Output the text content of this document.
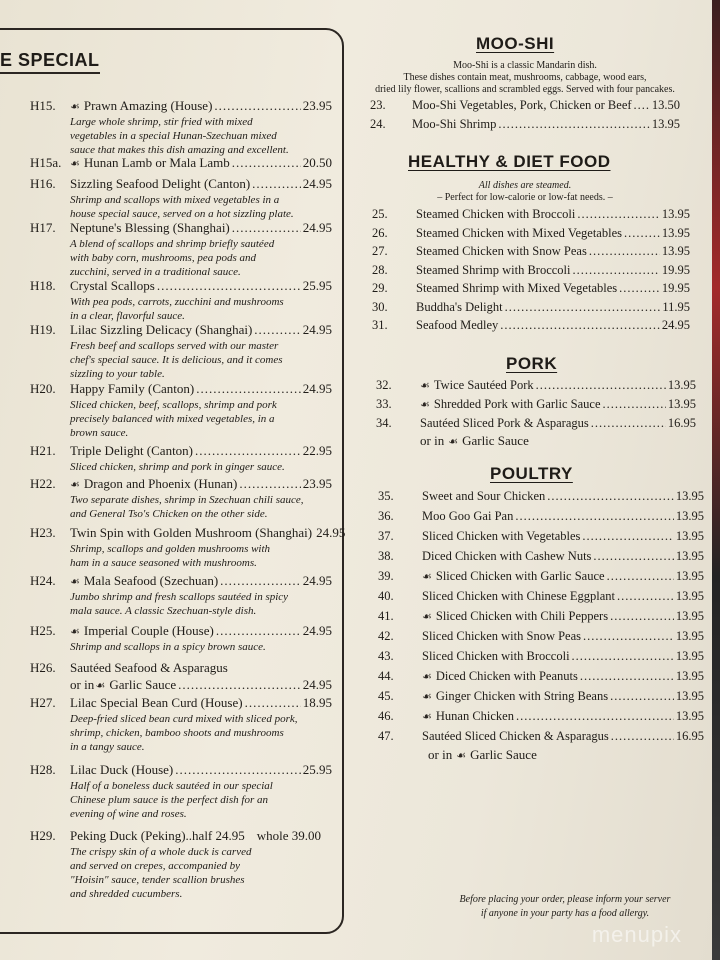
E SPECIAL
H15. ☙ Prawn Amazing (House) .....	23.95
Large whole shrimp, stir fried with mixed
vegetables in a special Hunan-Szechuan mixed
sauce that makes this dish amazing and excellent.
H15a. ☙ Hunan Lamb or Mala Lamb .....	20.50
H16. Sizzling Seafood Delight (Canton) .....	24.95
Shrimp and scallops with mixed vegetables in a
house special sauce, served on a hot sizzling plate.
H17. Neptune's Blessing (Shanghai) .....	24.95
A blend of scallops and shrimp briefly sautéed
with baby corn, mushrooms, pea pods and
zucchini, served in a traditional sauce.
H18. Crystal Scallops .....	25.95
With pea pods, carrots, zucchini and mushrooms
in a clear, flavorful sauce.
H19. Lilac Sizzling Delicacy (Shanghai) .....	24.95
Fresh beef and scallops served with our master
chef's special sauce. It is delicious, and it comes
sizzling to your table.
H20. Happy Family (Canton) .....	24.95
Sliced chicken, beef, scallops, shrimp and pork
precisely balanced with mixed vegetables, in a
brown sauce.
H21. Triple Delight (Canton) .....	22.95
Sliced chicken, shrimp and pork in ginger sauce.
H22. ☙ Dragon and Phoenix (Hunan) .....	23.95
Two separate dishes, shrimp in Szechuan chili sauce,
and General Tso's Chicken on the other side.
H23. Twin Spin with Golden Mushroom (Shanghai) 24.95
Shrimp, scallops and golden mushrooms with
ham in a sauce seasoned with mushrooms.
H24. ☙ Mala Seafood (Szechuan) .....	24.95
Jumbo shrimp and fresh scallops sautéed in spicy
mala sauce. A classic Szechuan-style dish.
H25. ☙ Imperial Couple (House) .....	24.95
Shrimp and scallops in a spicy brown sauce.
H26. Sautéed Seafood & Asparagus
or in ☙ Garlic Sauce .....	24.95
H27. Lilac Special Bean Curd (House) .....	18.95
Deep-fried sliced bean curd mixed with sliced pork,
shrimp, chicken, bamboo shoots and mushrooms
in a tangy sauce.
H28. Lilac Duck (House) .....	25.95
Half of a boneless duck sautéed in our special
Chinese plum sauce is the perfect dish for an
evening of wine and roses.
H29. Peking Duck (Peking) .. half 24.95 whole 39.00
The crispy skin of a whole duck is carved
and served on crepes, accompanied by
"Hoisin" sauce, tender scallion brushes
and shredded cucumbers.
MOO-SHI
Moo-Shi is a classic Mandarin dish.
These dishes contain meat, mushrooms, cabbage, wood ears,
dried lily flower, scallions and scrambled eggs. Served with four pancakes.
23. Moo-Shi Vegetables, Pork, Chicken or Beef ..... 13.50
24. Moo-Shi Shrimp .....	13.95
HEALTHY & DIET FOOD
All dishes are steamed.
– Perfect for low-calorie or low-fat needs. –
25. Steamed Chicken with Broccoli .....	13.95
26. Steamed Chicken with Mixed Vegetables .....	13.95
27. Steamed Chicken with Snow Peas .....	13.95
28. Steamed Shrimp with Broccoli .....	19.95
29. Steamed Shrimp with Mixed Vegetables .....	19.95
30. Buddha's Delight .....	11.95
31. Seafood Medley .....	24.95
PORK
32.	☙ Twice Sautéed Pork .....	13.95
33.	☙ Shredded Pork with Garlic Sauce .....	13.95
34. Sautéed Sliced Pork & Asparagus .....	16.95
or in ☙ Garlic Sauce
POULTRY
35. Sweet and Sour Chicken .....	13.95
36. Moo Goo Gai Pan .....	13.95
37. Sliced Chicken with Vegetables .....	13.95
38. Diced Chicken with Cashew Nuts .....	13.95
39.	☙ Sliced Chicken with Garlic Sauce .....	13.95
40. Sliced Chicken with Chinese Eggplant .....	13.95
41.	☙ Sliced Chicken with Chili Peppers .....	13.95
42. Sliced Chicken with Snow Peas .....	13.95
43. Sliced Chicken with Broccoli .....	13.95
44.	☙ Diced Chicken with Peanuts .....	13.95
45.	☙ Ginger Chicken with String Beans .....	13.95
46.	☙ Hunan Chicken .....	13.95
47. Sautéed Sliced Chicken & Asparagus .....	16.95
or in ☙ Garlic Sauce
Before placing your order, please inform your server
if anyone in your party has a food allergy.
menupix
